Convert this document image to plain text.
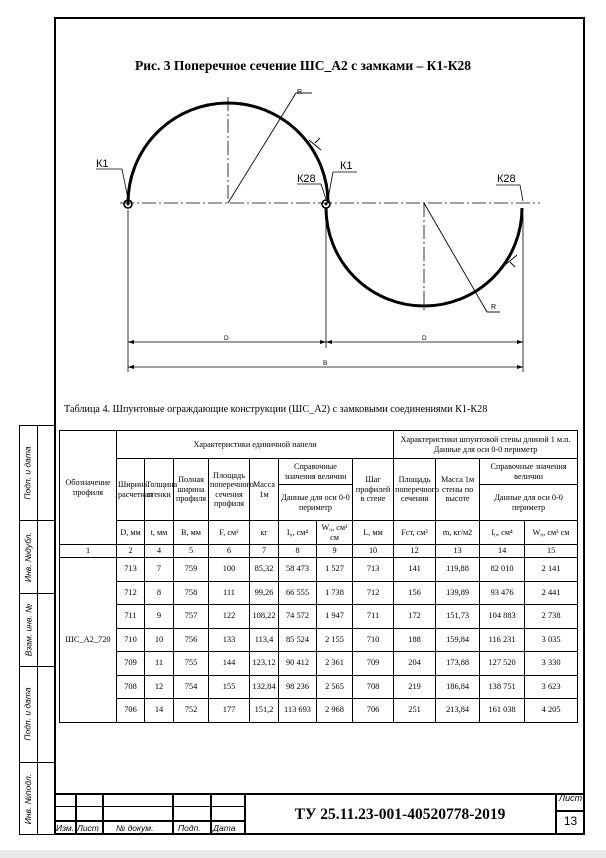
Подп. и дата
Инв. №дубл.
Взам. инв. №
Подп. и дата
Инв. №подл.
Рис. 3 Поперечное сечение ШС_А2 с замками – К1-К28
R
R
К1
К28
К1
К28
D	D
B
Таблица 4. Шпунтовые ограждающие конструкции (ШС_А2) с замковыми соединениями К1-К28
Обозначение профиля	Характеристики единичной панели								Характеристики шпунтовой стены длиной 1 м.п. Данные для оси 0-0 периметр			
	Ширина расчетная	Толщина стенки	Полная ширина профиля	Площадь поперечного сечения профиля	Масса 1м	Справочные значения величин		Шаг профилей в стене	Площадь поперечного сечения	Масса 1м стены по высоте	Справочные значения величин	
						Данные для оси 0-0 периметр					Данные для оси 0-0 периметр	
	D, мм	t, мм	B, мм	F, см²	кг	I₀, см⁴	W₀, см³ см	L, мм	Fст, см²	m, кг/м2	I₀, см⁴	W₀, см³ см
1	2	4	5	6	7	8	9	10	12	13	14	15
ШС_А2_720	713	7	759	100	85,32	58 473	1 527	713	141	119,88	82 010	2 141
	712	8	758	111	99,26	66 555	1 738	712	156	139,89	93 476	2 441
	711	9	757	122	108,22	74 572	1 947	711	172	151,73	104 883	2 738
	710	10	756	133	113,4	85 524	2 155	710	188	159,84	116 231	3 035
	709	11	755	144	123,12	90 412	2 361	709	204	173,88	127 520	3 330
	708	12	754	155	132,84	98 236	2 565	708	219	186,84	138 751	3 623
	706	14	752	177	151,2	113 693	2 968	706	251	213,84	161 038	4 205
Изм. Лист № докум.	Подп. Дата
ТУ 25.11.23-001-40520778-2019
Лист
13
